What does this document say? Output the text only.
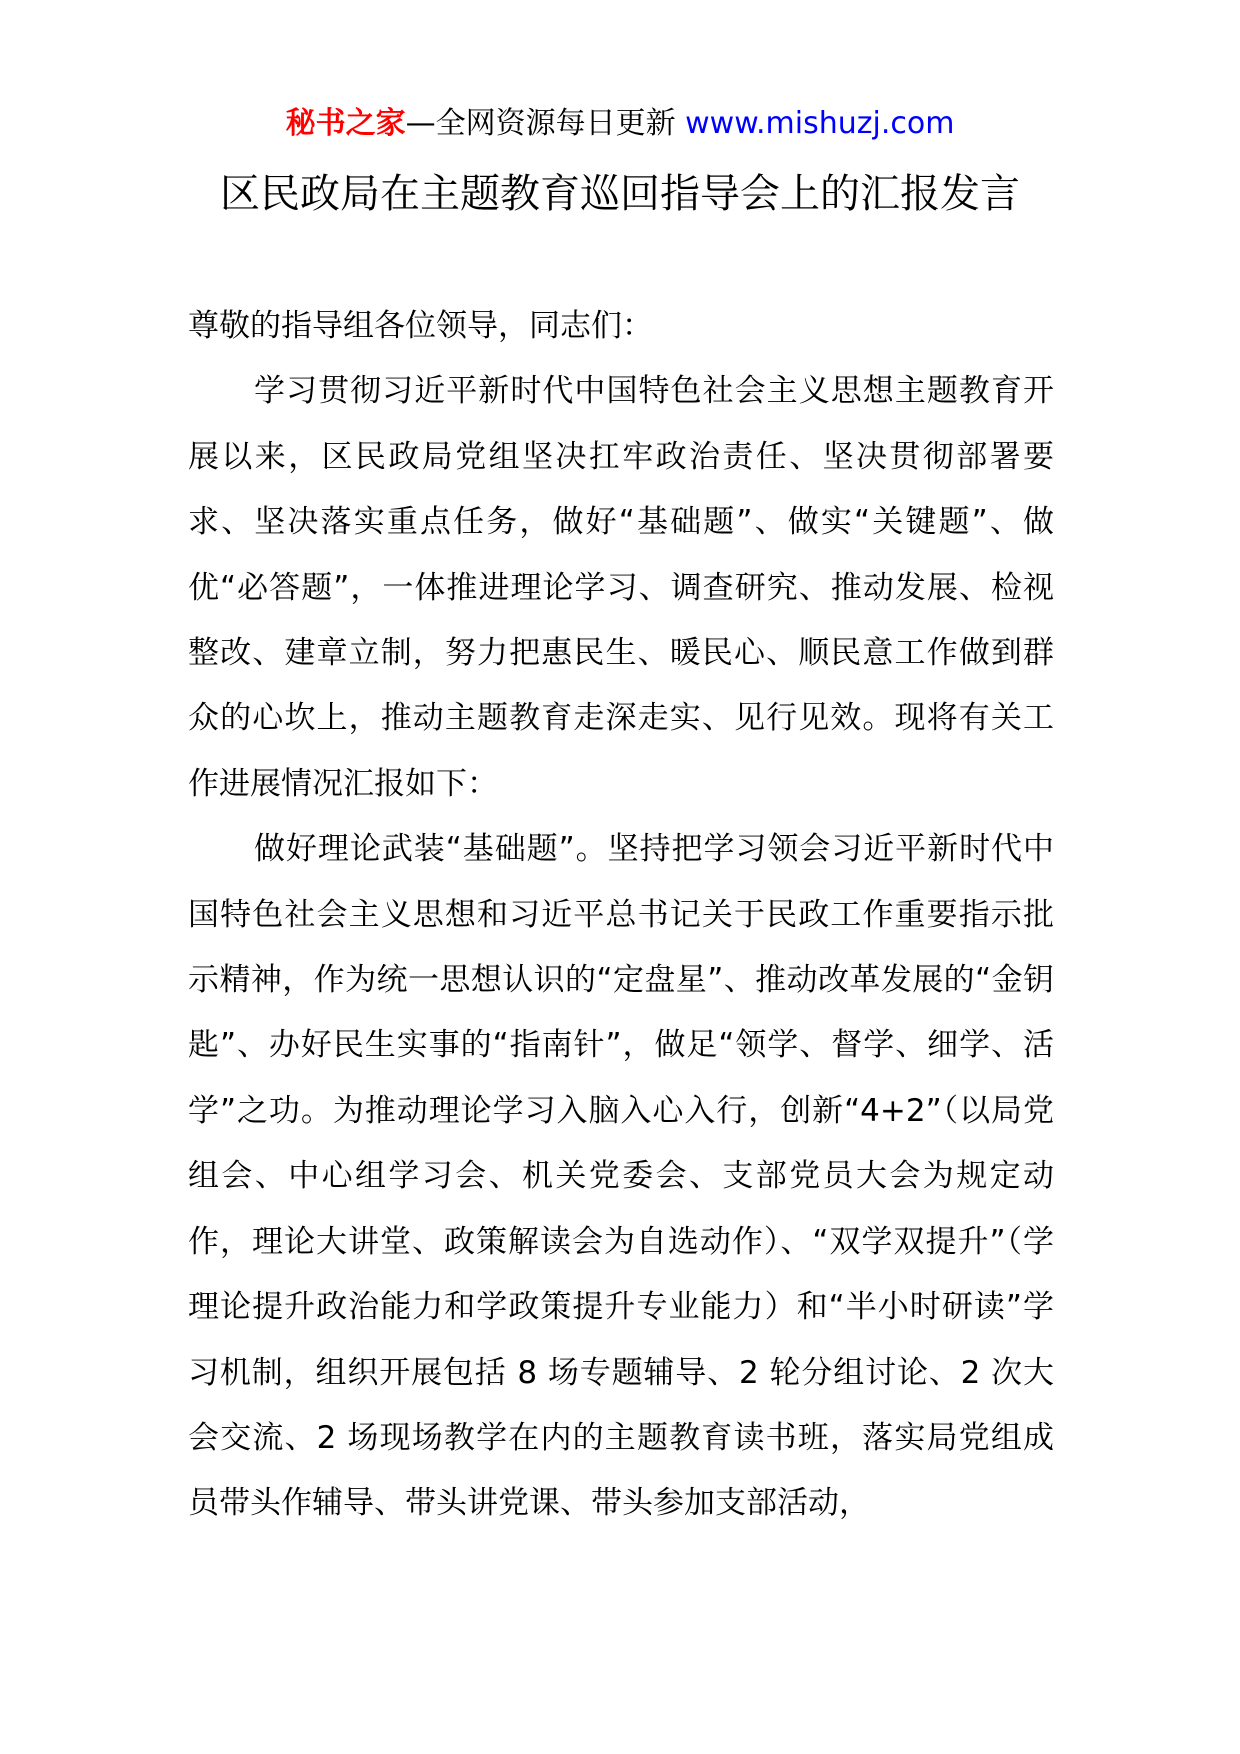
秘书之家—全网资源每日更新 www.mishuzj.com
区民政局在主题教育巡回指导会上的汇报发言

尊敬的指导组各位领导，同志们：

学习贯彻习近平新时代中国特色社会主义思想主题教育开展以来，区民政局党组坚决扛牢政治责任、坚决贯彻部署要求、坚决落实重点任务，做好“基础题”、做实“关键题”、做优“必答题”，一体推进理论学习、调查研究、推动发展、检视整改、建章立制，努力把惠民生、暖民心、顺民意工作做到群众的心坎上，推动主题教育走深走实、见行见效。现将有关工作进展情况汇报如下：

做好理论武装“基础题”。坚持把学习领会习近平新时代中国特色社会主义思想和习近平总书记关于民政工作重要指示批示精神，作为统一思想认识的“定盘星”、推动改革发展的“金钥匙”、办好民生实事的“指南针”，做足“领学、督学、细学、活学”之功。为推动理论学习入脑入心入行，创新“4+2”（以局党组会、中心组学习会、机关党委会、支部党员大会为规定动作，理论大讲堂、政策解读会为自选动作）、“双学双提升”（学理论提升政治能力和学政策提升专业能力）和“半小时研读”学习机制，组织开展包括 8 场专题辅导、2 轮分组讨论、2 次大会交流、2 场现场教学在内的主题教育读书班，落实局党组成员带头作辅导、带头讲党课、带头参加支部活动，
